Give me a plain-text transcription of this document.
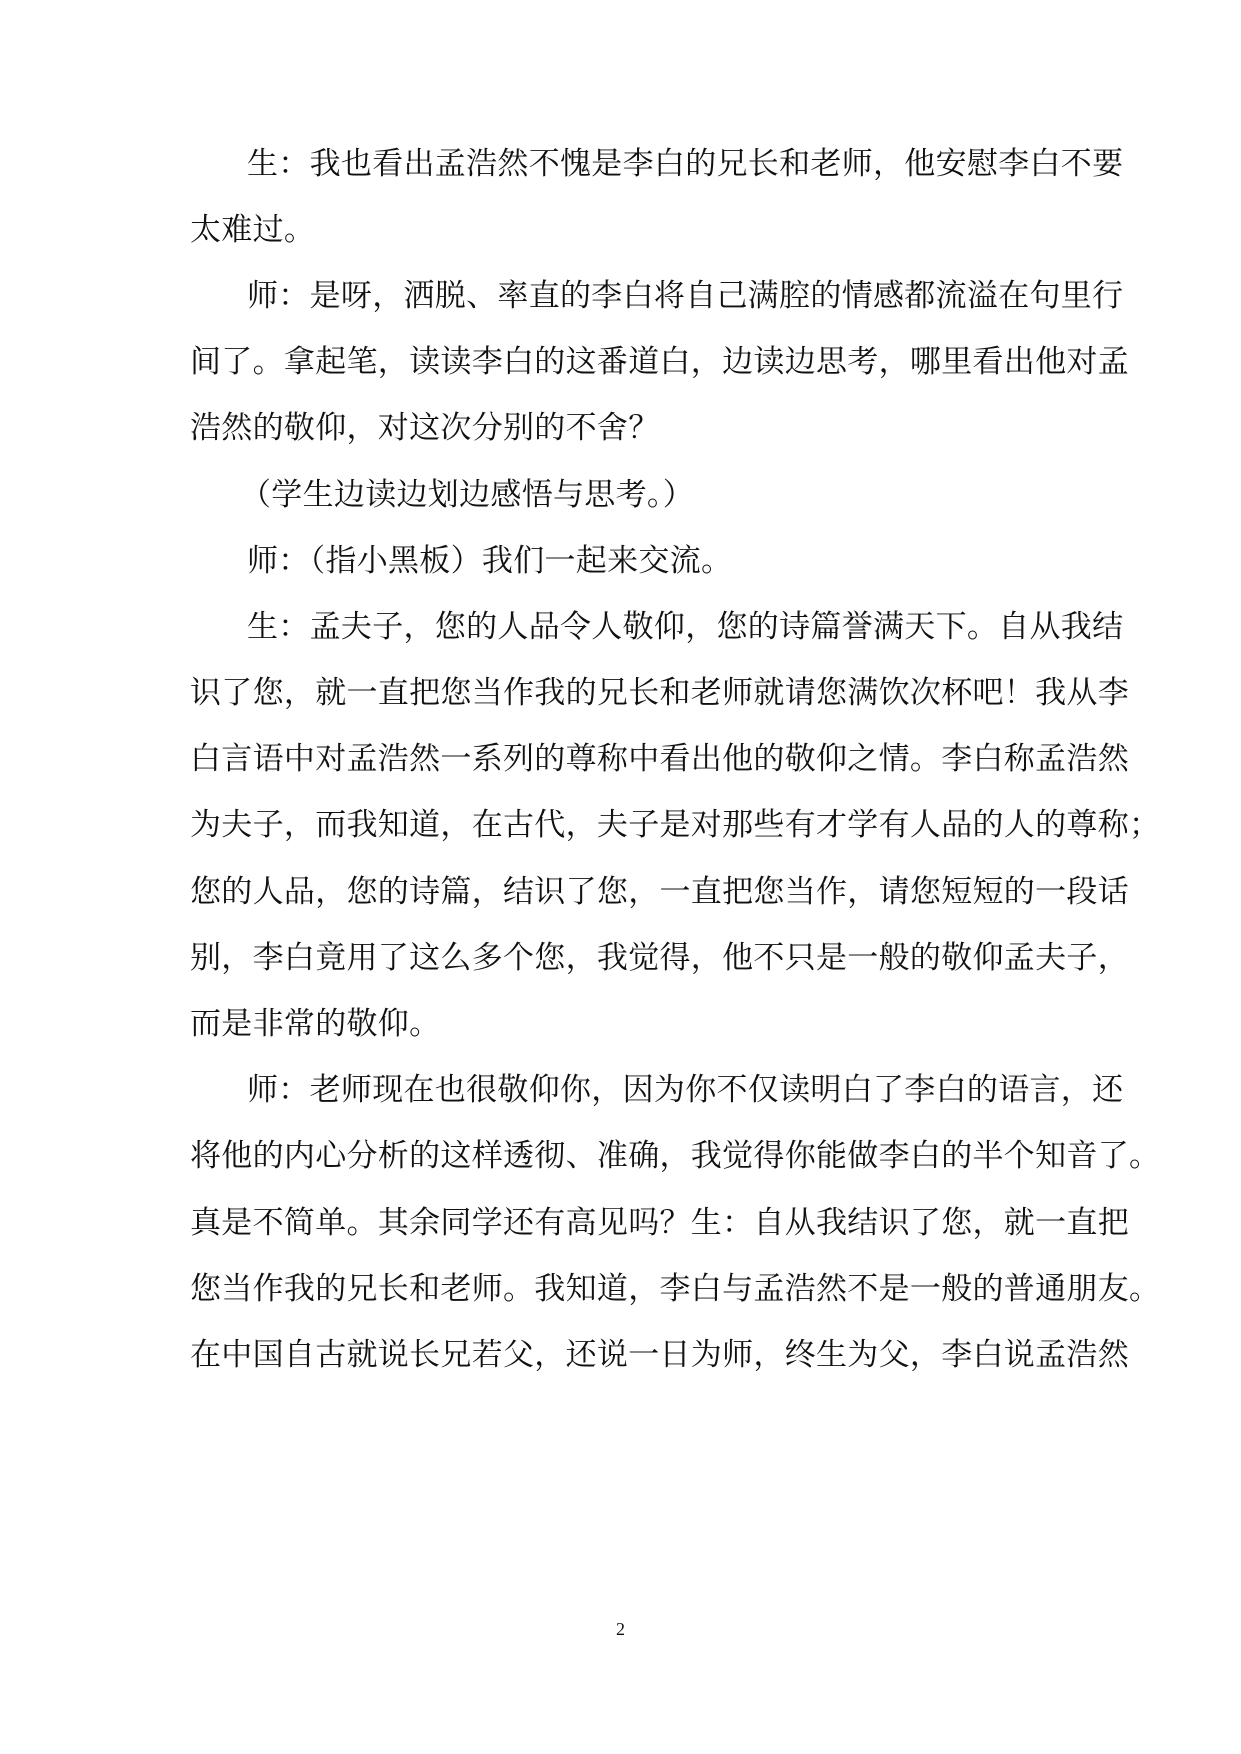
生：我也看出孟浩然不愧是李白的兄长和老师，他安慰李白不要
太难过。
师：是呀，洒脱、率直的李白将自己满腔的情感都流溢在句里行
间了。拿起笔，读读李白的这番道白，边读边思考，哪里看出他对孟
浩然的敬仰，对这次分别的不舍？
（学生边读边划边感悟与思考。）
师：（指小黑板）我们一起来交流。
生：孟夫子，您的人品令人敬仰，您的诗篇誉满天下。自从我结
识了您，就一直把您当作我的兄长和老师就请您满饮次杯吧！我从李
白言语中对孟浩然一系列的尊称中看出他的敬仰之情。李白称孟浩然
为夫子，而我知道，在古代，夫子是对那些有才学有人品的人的尊称；
您的人品，您的诗篇，结识了您，一直把您当作，请您短短的一段话
别，李白竟用了这么多个您，我觉得，他不只是一般的敬仰孟夫子，
而是非常的敬仰。
师：老师现在也很敬仰你，因为你不仅读明白了李白的语言，还
将他的内心分析的这样透彻、准确，我觉得你能做李白的半个知音了。
真是不简单。其余同学还有高见吗？生：自从我结识了您，就一直把
您当作我的兄长和老师。我知道，李白与孟浩然不是一般的普通朋友。
在中国自古就说长兄若父，还说一日为师，终生为父，李白说孟浩然
2
